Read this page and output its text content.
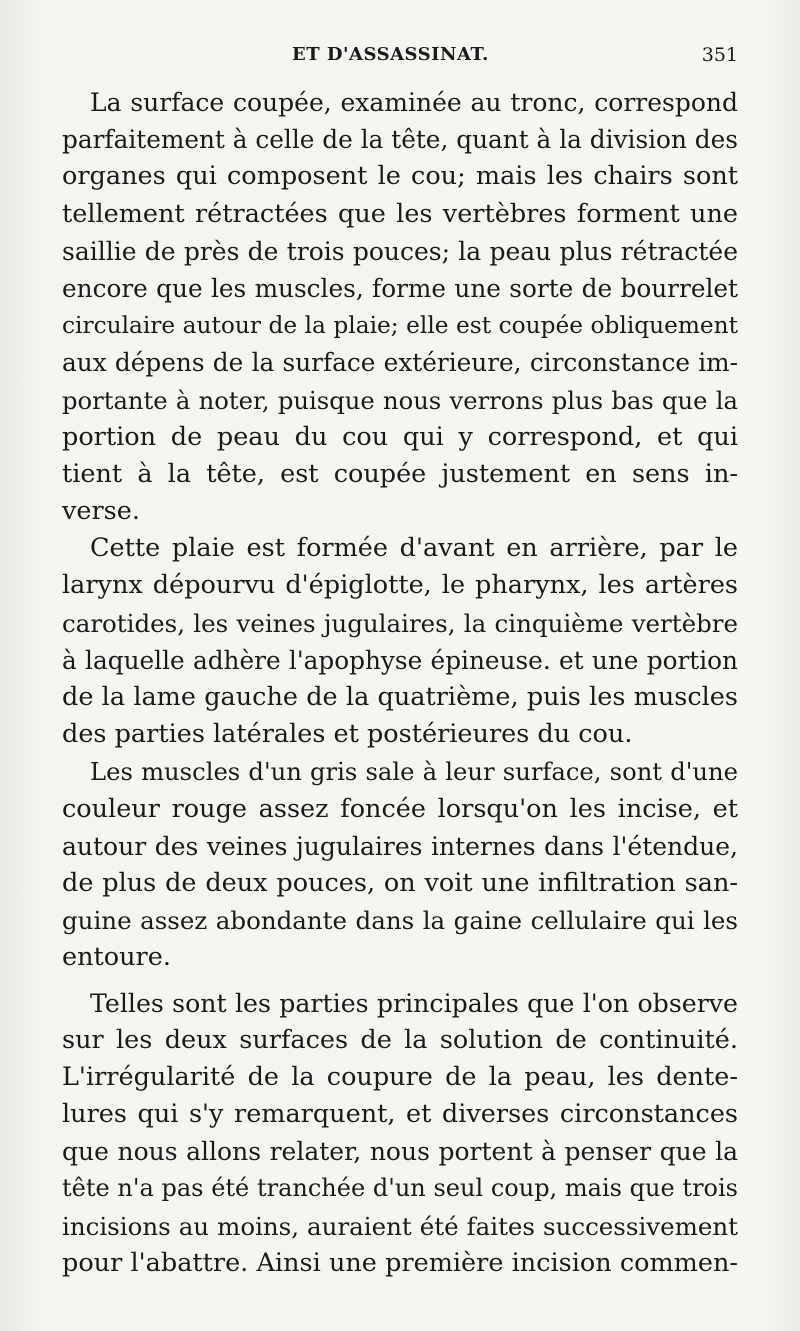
ET D'ASSASSINAT.	351
La surface coupée, examinée au tronc, correspond
parfaitement à celle de la tête, quant à la division des
organes qui composent le cou; mais les chairs sont
tellement rétractées que les vertèbres forment une
saillie de près de trois pouces; la peau plus rétractée
encore que les muscles, forme une sorte de bourrelet
circulaire autour de la plaie; elle est coupée obliquement
aux dépens de la surface extérieure, circonstance im-
portante à noter, puisque nous verrons plus bas que la
portion de peau du cou qui y correspond, et qui
tient à la tête, est coupée justement en sens in-
verse.
Cette plaie est formée d'avant en arrière, par le
larynx dépourvu d'épiglotte, le pharynx, les artères
carotides, les veines jugulaires, la cinquième vertèbre
à laquelle adhère l'apophyse épineuse. et une portion
de la lame gauche de la quatrième, puis les muscles
des parties latérales et postérieures du cou.
Les muscles d'un gris sale à leur surface, sont d'une
couleur rouge assez foncée lorsqu'on les incise, et
autour des veines jugulaires internes dans l'étendue,
de plus de deux pouces, on voit une infiltration san-
guine assez abondante dans la gaine cellulaire qui les
entoure.
Telles sont les parties principales que l'on observe
sur les deux surfaces de la solution de continuité.
L'irrégularité de la coupure de la peau, les dente-
lures qui s'y remarquent, et diverses circonstances
que nous allons relater, nous portent à penser que la
tête n'a pas été tranchée d'un seul coup, mais que trois
incisions au moins, auraient été faites successivement
pour l'abattre. Ainsi une première incision commen-
